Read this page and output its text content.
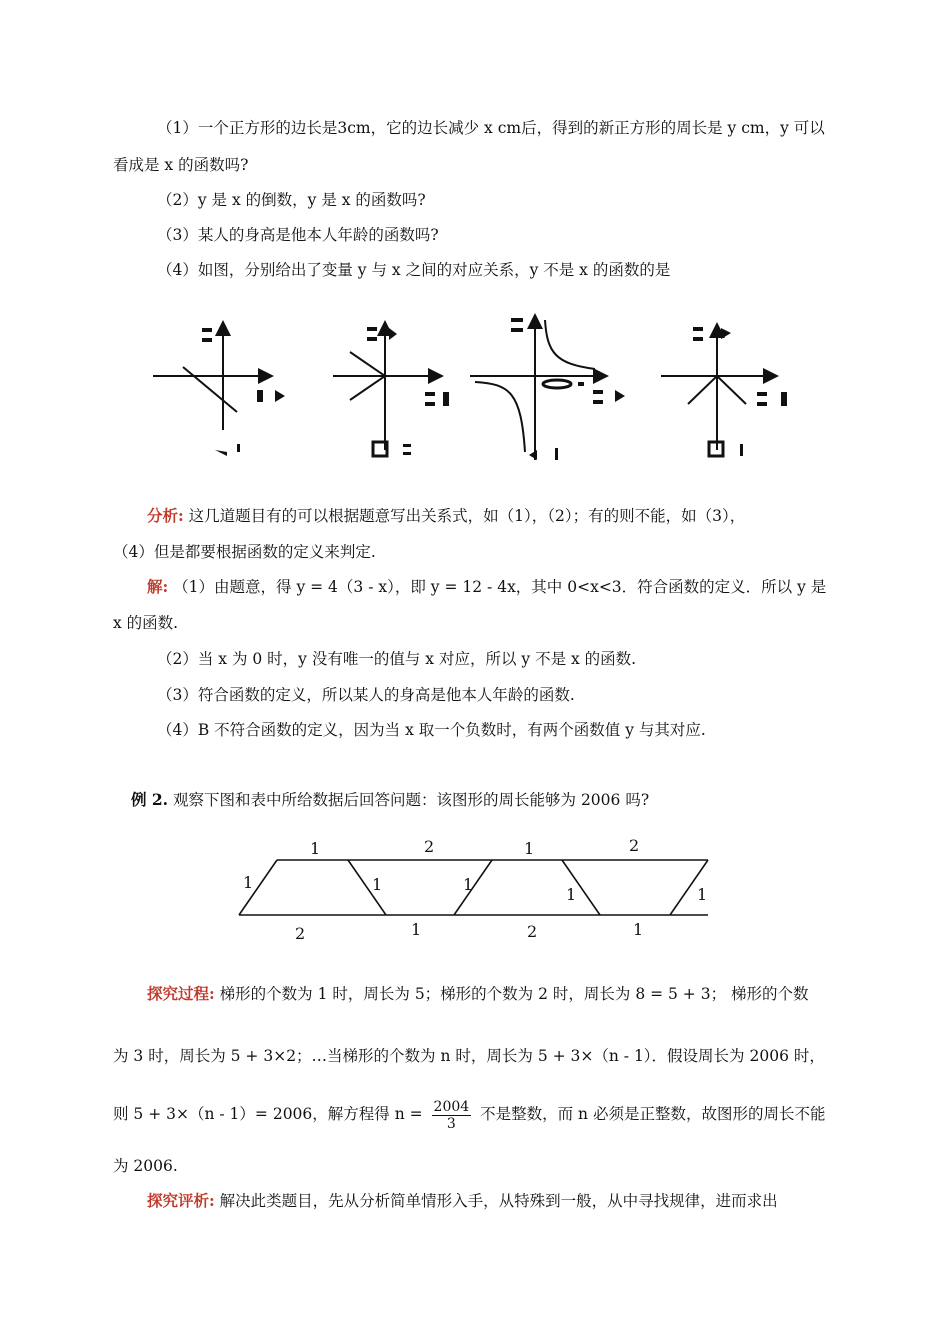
（1）一个正方形的边长是3cm，它的边长减少 x cm后，得到的新正方形的周长是 y cm，y 可以
看成是 x 的函数吗?
（2）y 是 x 的倒数，y 是 x 的函数吗?
（3）某人的身高是他本人年龄的函数吗?
（4）如图，分别给出了变量 y 与 x 之间的对应关系，y 不是 x 的函数的是
分析: 这几道题目有的可以根据题意写出关系式，如（1），（2）；有的则不能，如（3），
（4）但是都要根据函数的定义来判定.
解: （1）由题意，得 y = 4（3 - x），即 y = 12 - 4x，其中 0<x<3．符合函数的定义．所以 y 是
x 的函数.
（2）当 x 为 0 时，y 没有唯一的值与 x 对应，所以 y 不是 x 的函数.
（3）符合函数的定义，所以某人的身高是他本人年龄的函数.
（4）B 不符合函数的定义，因为当 x 取一个负数时，有两个函数值 y 与其对应.
例 2. 观察下图和表中所给数据后回答问题：该图形的周长能够为 2006 吗?
1	2	1	2
2	1	2	1
1	1	1
1	1
探究过程: 梯形的个数为 1 时，周长为 5；梯形的个数为 2 时，周长为 8 = 5 + 3； 梯形的个数
为 3 时，周长为 5 + 3×2；…当梯形的个数为 n 时，周长为 5 + 3×（n - 1）．假设周长为 2006 时，
则 5 + 3×（n - 1）= 2006，解方程得 $n = \frac{2004}{3}$ 不是整数，而 n 必须是正整数，故图形的周长不能
为 2006.
探究评析: 解决此类题目，先从分析简单情形入手，从特殊到一般，从中寻找规律，进而求出
